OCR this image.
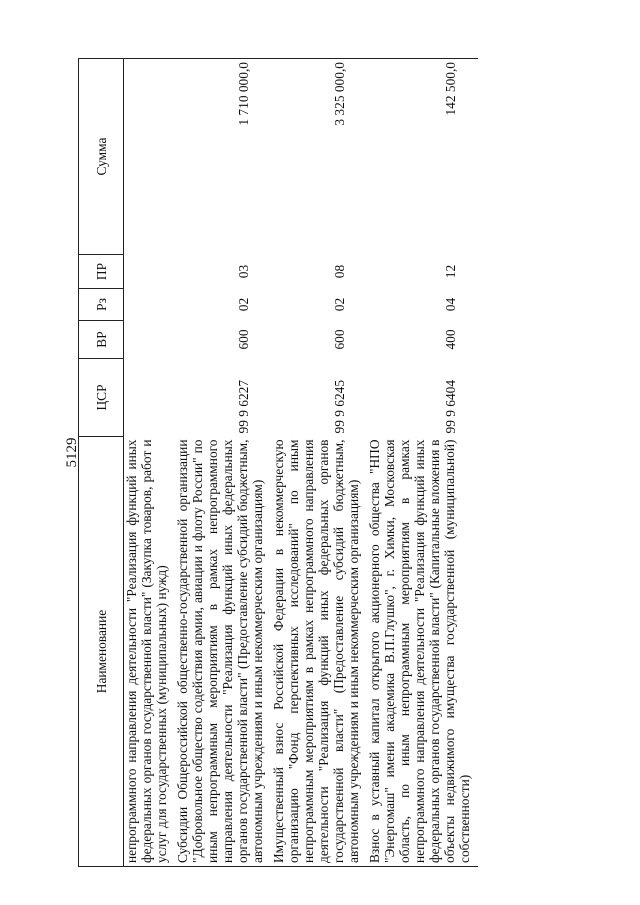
5129
Наименование	ЦСР	ВР	Рз	ПР	Сумма
непрограммного направления деятельности "Реализация функций иных федеральных органов государственной власти" (Закупка товаров, работ и услуг для государственных (муниципальных) нужд)					
Субсидии Общероссийской общественно-государственной организации "Добровольное общество содействия армии, авиации и флоту России" по иным непрограммным мероприятиям в рамках непрограммного направления деятельности "Реализация функций иных федеральных органов государственной власти" (Предоставление субсидий бюджетным, автономным учреждениям и иным некоммерческим организациям)	99 9 6227	600	02	03	1 710 000,0
Имущественный взнос Российской Федерации в некоммерческую организацию "Фонд перспективных исследований" по иным непрограммным мероприятиям в рамках непрограммного направления деятельности "Реализация функций иных федеральных органов государственной власти" (Предоставление субсидий бюджетным, автономным учреждениям и иным некоммерческим организациям)	99 9 6245	600	02	08	3 325 000,0
Взнос в уставный капитал открытого акционерного общества "НПО "Энергомаш" имени академика В.П.Глушко", г. Химки, Московская область, по иным непрограммным мероприятиям в рамках непрограммного направления деятельности "Реализация функций иных федеральных органов государственной власти" (Капитальные вложения в объекты недвижимого имущества государственной (муниципальной) собственности)	99 9 6404	400	04	12	142 500,0
